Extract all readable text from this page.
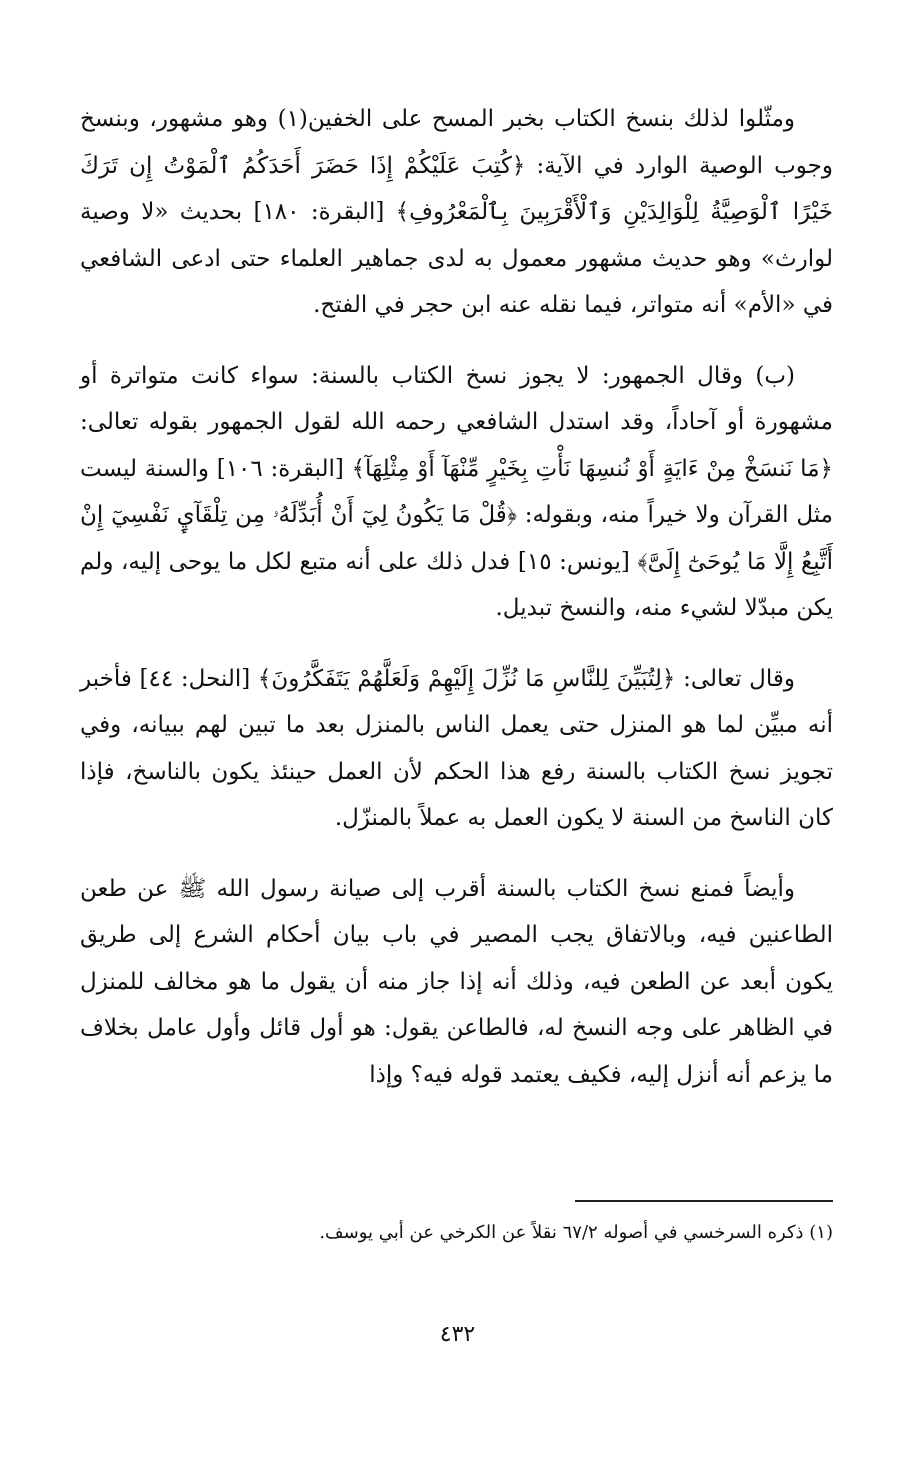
ومثّلوا لذلك بنسخ الكتاب بخبر المسح على الخفين(١) وهو مشهور، وبنسخ وجوب الوصية الوارد في الآية: ﴿كُتِبَ عَلَيْكُمْ إِذَا حَضَرَ أَحَدَكُمُ ٱلْمَوْتُ إِن تَرَكَ خَيْرًا ٱلْوَصِيَّةُ لِلْوَالِدَيْنِ وَٱلْأَقْرَبِينَ بِٱلْمَعْرُوفِ﴾ [البقرة: ١٨٠] بحديث «لا وصية لوارث» وهو حديث مشهور معمول به لدى جماهير العلماء حتى ادعى الشافعي في «الأم» أنه متواتر، فيما نقله عنه ابن حجر في الفتح.

(ب) وقال الجمهور: لا يجوز نسخ الكتاب بالسنة: سواء كانت متواترة أو مشهورة أو آحاداً، وقد استدل الشافعي رحمه الله لقول الجمهور بقوله تعالى: ﴿مَا نَنسَخْ مِنْ ءَايَةٍ أَوْ نُنسِهَا نَأْتِ بِخَيْرٍ مِّنْهَآ أَوْ مِثْلِهَآ﴾ [البقرة: ١٠٦] والسنة ليست مثل القرآن ولا خيراً منه، وبقوله: ﴿قُلْ مَا يَكُونُ لِيٓ أَنْ أُبَدِّلَهُۥ مِن تِلْقَآيِٕ نَفْسِيٓ إِنْ أَتَّبِعُ إِلَّا مَا يُوحَىٰٓ إِلَىَّ﴾ [يونس: ١٥] فدل ذلك على أنه متبع لكل ما يوحى إليه، ولم يكن مبدّلا لشيء منه، والنسخ تبديل.

وقال تعالى: ﴿لِتُبَيِّنَ لِلنَّاسِ مَا نُزِّلَ إِلَيْهِمْ وَلَعَلَّهُمْ يَتَفَكَّرُونَ﴾ [النحل: ٤٤] فأخبر أنه مبيِّن لما هو المنزل حتى يعمل الناس بالمنزل بعد ما تبين لهم ببيانه، وفي تجويز نسخ الكتاب بالسنة رفع هذا الحكم لأن العمل حينئذ يكون بالناسخ، فإذا كان الناسخ من السنة لا يكون العمل به عملاً بالمنزّل.

وأيضاً فمنع نسخ الكتاب بالسنة أقرب إلى صيانة رسول الله ﷺ عن طعن الطاعنين فيه، وبالاتفاق يجب المصير في باب بيان أحكام الشرع إلى طريق يكون أبعد عن الطعن فيه، وذلك أنه إذا جاز منه أن يقول ما هو مخالف للمنزل في الظاهر على وجه النسخ له، فالطاعن يقول: هو أول قائل وأول عامل بخلاف ما يزعم أنه أنزل إليه، فكيف يعتمد قوله فيه؟ وإذا

(١) ذكره السرخسي في أصوله ٦٧/٢ نقلاً عن الكرخي عن أبي يوسف.
٤٣٢
